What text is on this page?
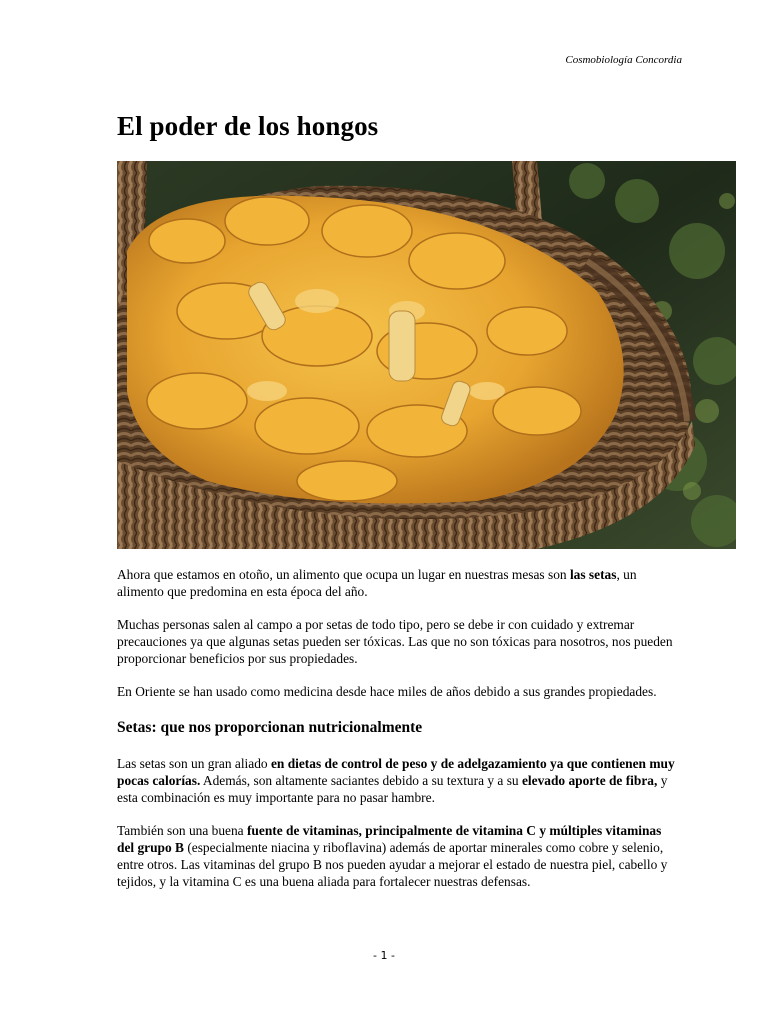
Cosmobiología Concordia
El poder de los hongos

Ahora que estamos en otoño, un alimento que ocupa un lugar en nuestras mesas son las setas, un alimento que predomina en esta época del año.

Muchas personas salen al campo a por setas de todo tipo, pero se debe ir con cuidado y extremar precauciones ya que algunas setas pueden ser tóxicas. Las que no son tóxicas para nosotros, nos pueden proporcionar beneficios por sus propiedades.

En Oriente se han usado como medicina desde hace miles de años debido a sus grandes propiedades.

Setas: que nos proporcionan nutricionalmente

Las setas son un gran aliado en dietas de control de peso y de adelgazamiento ya que contienen muy pocas calorías. Además, son altamente saciantes debido a su textura y a su elevado aporte de fibra, y esta combinación es muy importante para no pasar hambre.

También son una buena fuente de vitaminas, principalmente de vitamina C y múltiples vitaminas del grupo B (especialmente niacina y riboflavina) además de aportar minerales como cobre y selenio, entre otros. Las vitaminas del grupo B nos pueden ayudar a mejorar el estado de nuestra piel, cabello y tejidos, y la vitamina C es una buena aliada para fortalecer nuestras defensas.

- 1 -
